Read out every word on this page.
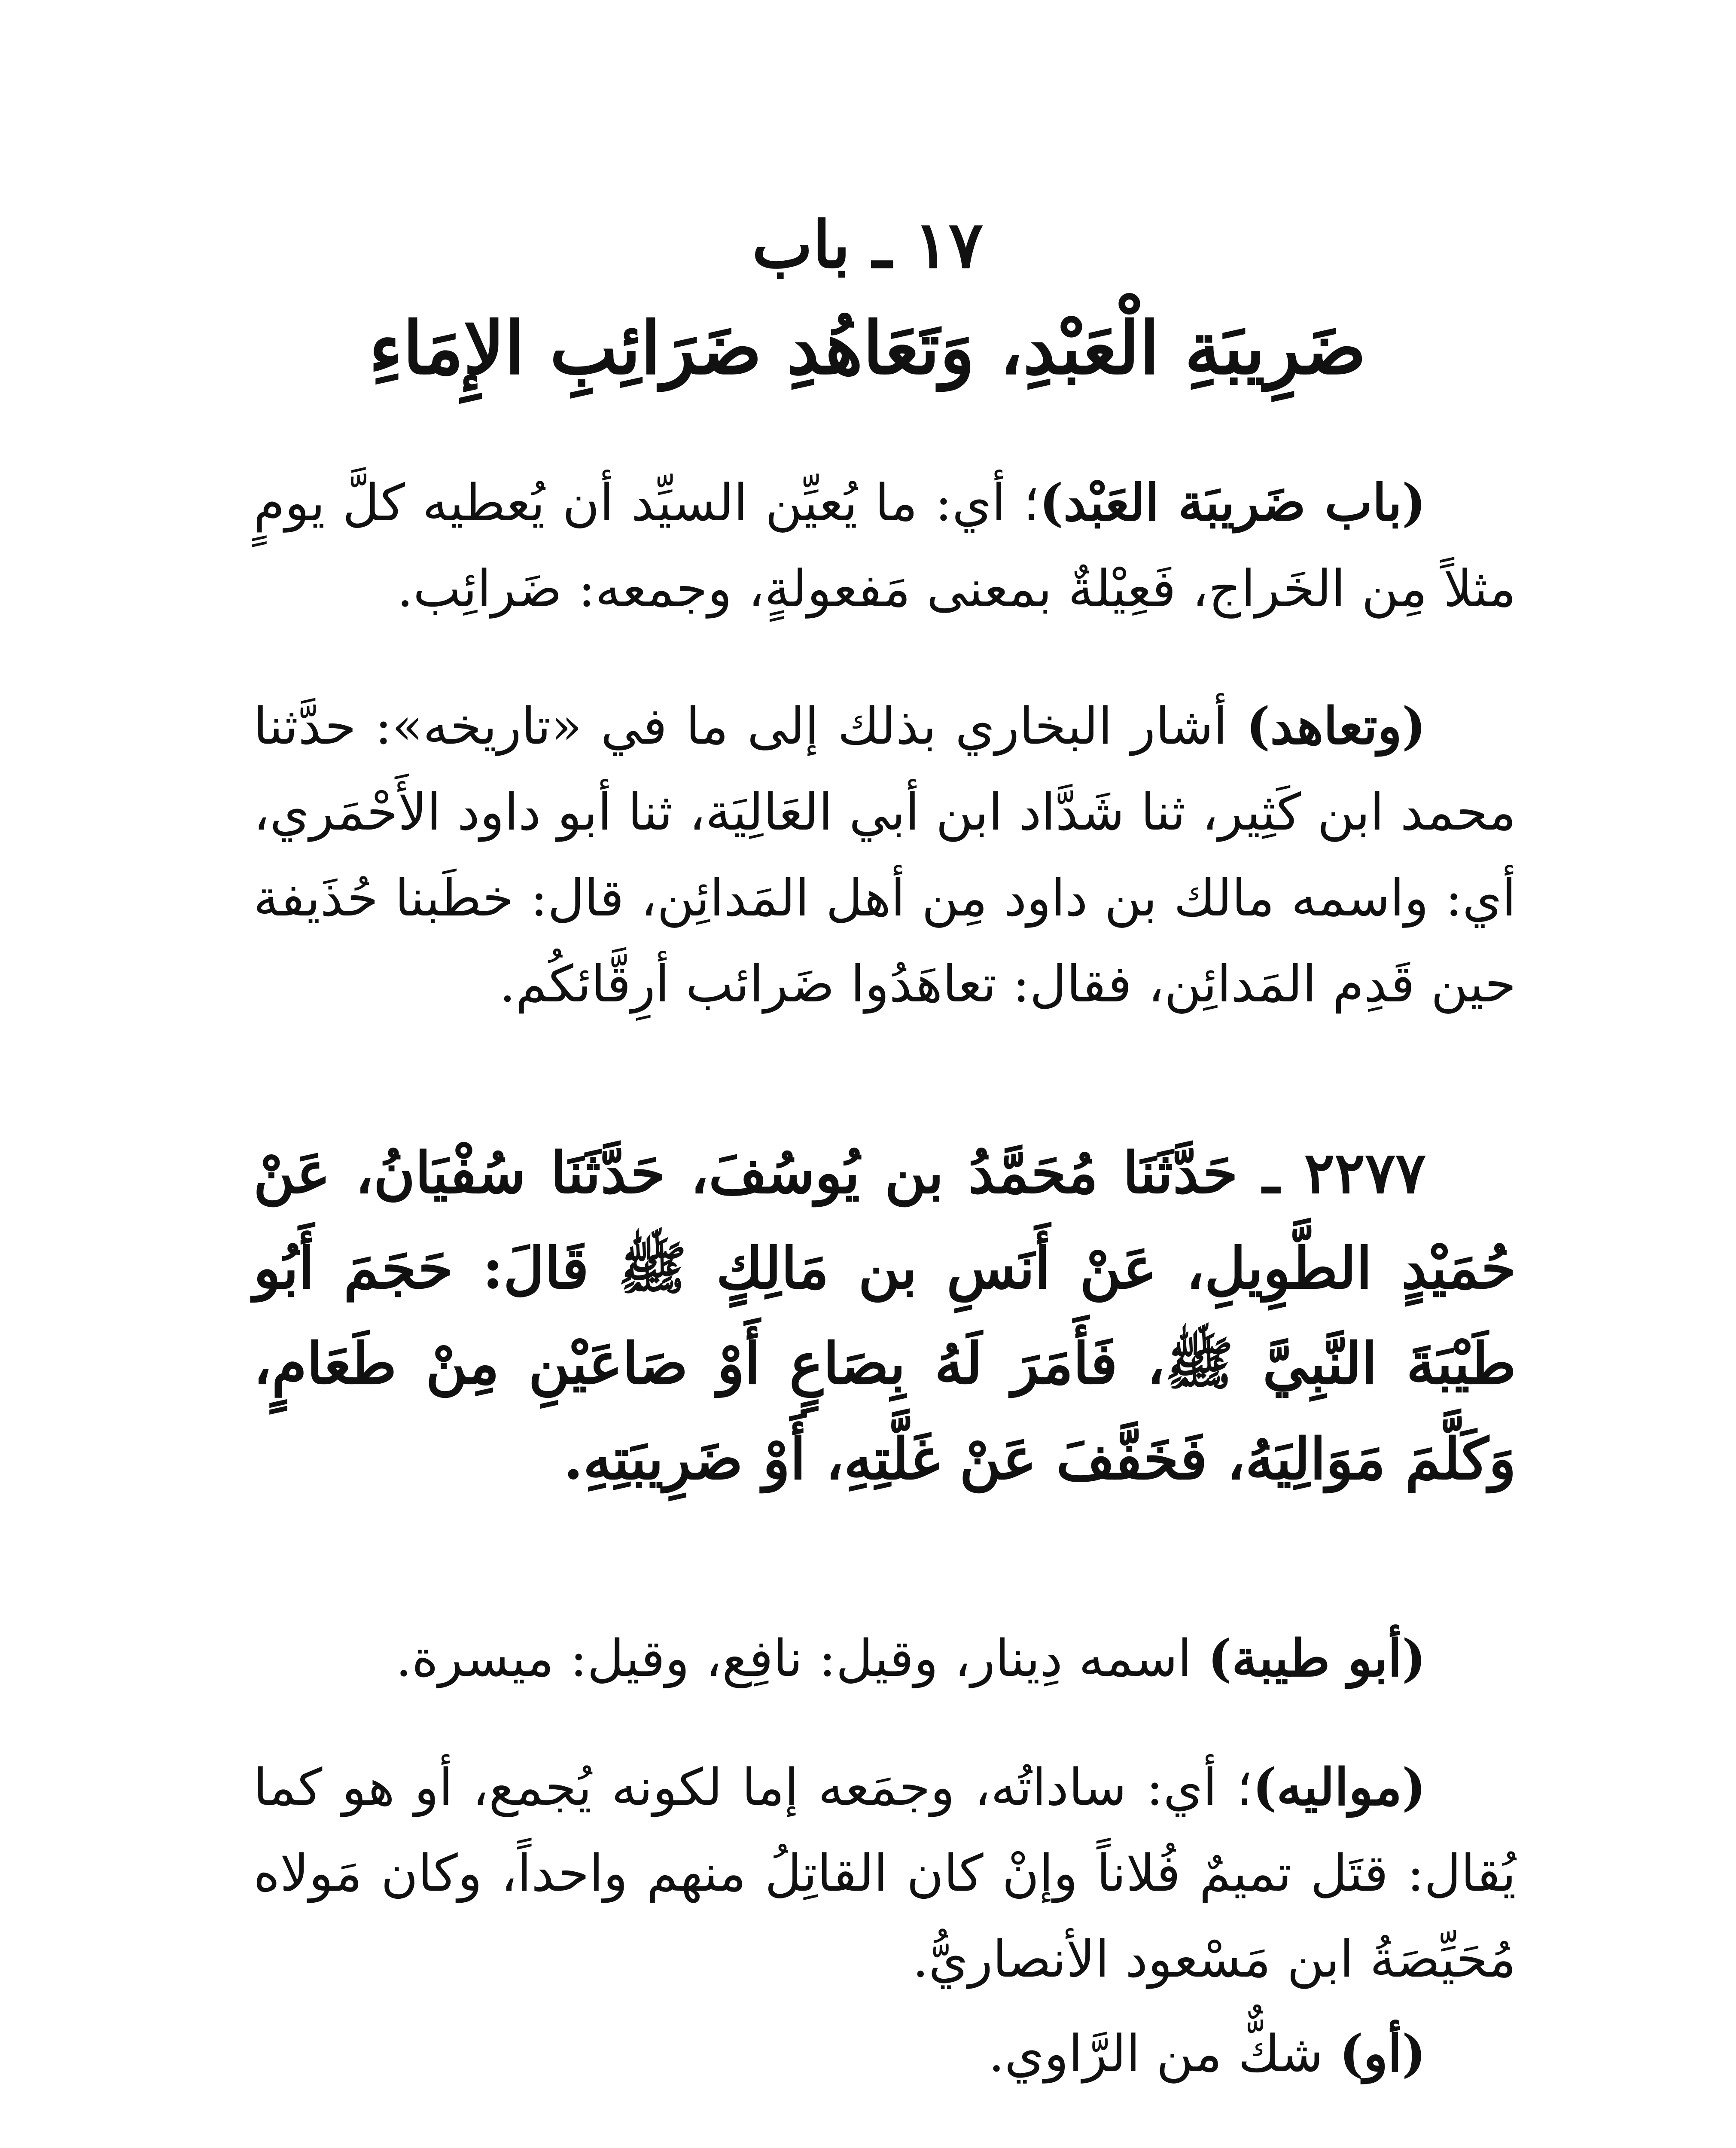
١٧ ـ باب
ضَرِيبَةِ الْعَبْدِ، وَتَعَاهُدِ ضَرَائِبِ الإِمَاءِ

(باب ضَريبَة العَبْد)؛ أي: ما يُعيِّن السيِّد أن يُعطيه كلَّ يومٍ مثلاً مِن الخَراج، فَعِيْلةٌ بمعنى مَفعولةٍ، وجمعه: ضَرائِب.

(وتعاهد) أشار البخاري بذلك إلى ما في «تاريخه»: حدَّثنا محمد ابن كَثِير، ثنا شَدَّاد ابن أبي العَالِيَة، ثنا أبو داود الأَحْمَري، أي: واسمه مالك بن داود مِن أهل المَدائِن، قال: خطَبنا حُذَيفة حين قَدِم المَدائِن، فقال: تعاهَدُوا ضَرائب أرِقَّائكُم.

٢٢٧٧ ـ حَدَّثَنَا مُحَمَّدُ بن يُوسُفَ، حَدَّثَنَا سُفْيَانُ، عَنْ حُمَيْدٍ الطَّوِيلِ، عَنْ أَنَسِ بن مَالِكٍ ﷺ قَالَ: حَجَمَ أَبُو طَيْبَةَ النَّبِيَّ ﷺ، فَأَمَرَ لَهُ بِصَاعٍ أَوْ صَاعَيْنِ مِنْ طَعَامٍ، وَكَلَّمَ مَوَالِيَهُ، فَخَفَّفَ عَنْ غَلَّتِهِ، أَوْ ضَرِيبَتِهِ.

(أبو طيبة) اسمه دِينار، وقيل: نافِع، وقيل: ميسرة.

(مواليه)؛ أي: ساداتُه، وجمَعه إما لكونه يُجمع، أو هو كما يُقال: قتَل تميمٌ فُلاناً وإنْ كان القاتِلُ منهم واحداً، وكان مَولاه مُحَيِّصَةُ ابن مَسْعود الأنصاريُّ.

(أو) شكٌّ من الرَّاوي.
